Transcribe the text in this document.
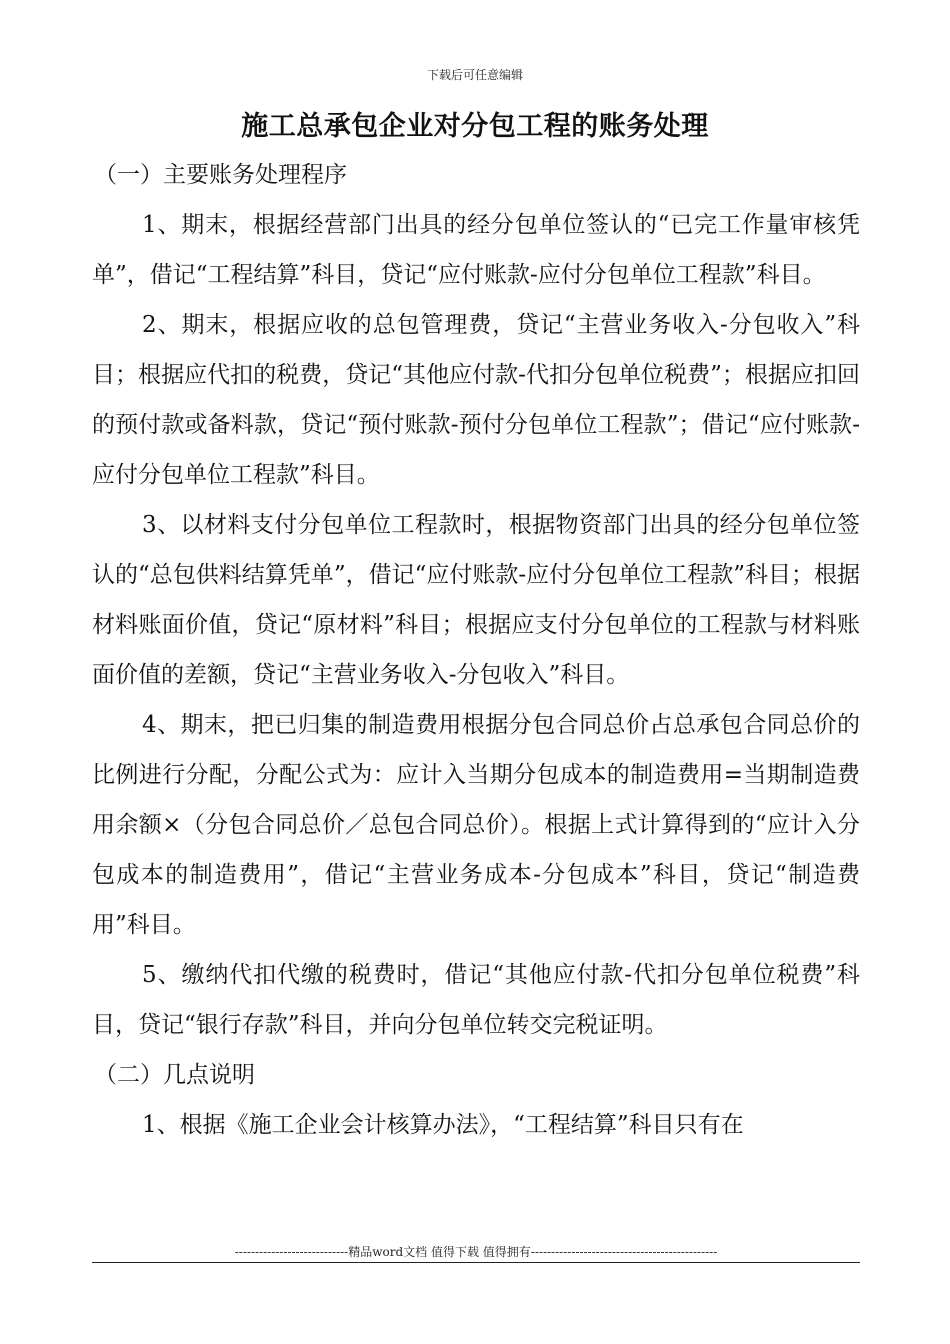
下载后可任意编辑
施工总承包企业对分包工程的账务处理

（一）主要账务处理程序

1、期末，根据经营部门出具的经分包单位签认的“已完工作量审核凭单”，借记“工程结算”科目，贷记“应付账款-应付分包单位工程款”科目。

2、期末，根据应收的总包管理费，贷记“主营业务收入-分包收入”科目；根据应代扣的税费，贷记“其他应付款-代扣分包单位税费”；根据应扣回的预付款或备料款，贷记“预付账款-预付分包单位工程款”；借记“应付账款-应付分包单位工程款”科目。

3、以材料支付分包单位工程款时，根据物资部门出具的经分包单位签认的“总包供料结算凭单”，借记“应付账款-应付分包单位工程款”科目；根据材料账面价值，贷记“原材料”科目；根据应支付分包单位的工程款与材料账面价值的差额，贷记“主营业务收入-分包收入”科目。

4、期末，把已归集的制造费用根据分包合同总价占总承包合同总价的比例进行分配，分配公式为：应计入当期分包成本的制造费用=当期制造费用余额×（分包合同总价／总包合同总价）。根据上式计算得到的“应计入分包成本的制造费用”，借记“主营业务成本-分包成本”科目，贷记“制造费用”科目。

5、缴纳代扣代缴的税费时，借记“其他应付款-代扣分包单位税费”科目，贷记“银行存款”科目，并向分包单位转交完税证明。

（二）几点说明

1、根据《施工企业会计核算办法》，“工程结算”科目只有在

----------------------------精品word文档 值得下载 值得拥有----------------------------------------------
